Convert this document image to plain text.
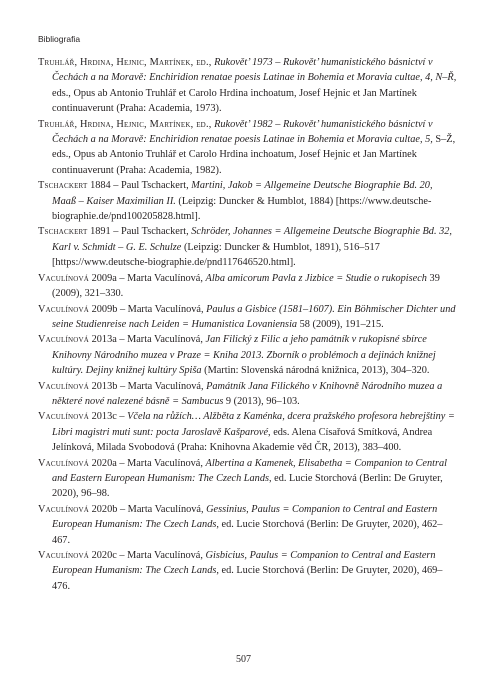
Bibliografia

Truhlář, Hrdina, Hejnic, Martínek, ed., Rukovět’ 1973 – Rukovět’ humanistického básnictví v Čechách a na Moravě: Enchiridion renatae poesis Latinae in Bohemia et Moravia cultae, 4, N–Ř, eds., Opus ab Antonio Truhlář et Carolo Hrdina inchoatum, Josef Hejnic et Jan Martínek continuaverunt (Praha: Academia, 1973).

Truhlář, Hrdina, Hejnic, Martínek, ed., Rukovět’ 1982 – Rukovět’ humanistického básnictví v Čechách a na Moravě: Enchiridion renatae poesis Latinae in Bohemia et Moravia cultae, 5, S–Ž, eds., Opus ab Antonio Truhlář et Carolo Hrdina inchoatum, Josef Hejnic et Jan Martínek continuaverunt (Praha: Academia, 1982).

Tschackert 1884 – Paul Tschackert, Martini, Jakob = Allgemeine Deutsche Biographie Bd. 20, Maaß – Kaiser Maximilian II. (Leipzig: Duncker & Humblot, 1884) [https://www.deutsche-biographie.de/pnd100205828.html].

Tschackert 1891 – Paul Tschackert, Schröder, Johannes = Allgemeine Deutsche Biographie Bd. 32, Karl v. Schmidt – G. E. Schulze (Leipzig: Duncker & Humblot, 1891), 516–517 [https://www.deutsche-biographie.de/pnd117646520.html].

Vaculínová 2009a – Marta Vaculínová, Alba amicorum Pavla z Jizbice = Studie o rukopisech 39 (2009), 321–330.

Vaculínová 2009b – Marta Vaculínová, Paulus a Gisbice (1581–1607). Ein Böhmischer Dichter und seine Studienreise nach Leiden = Humanistica Lovaniensia 58 (2009), 191–215.

Vaculínová 2013a – Marta Vaculínová, Jan Filický z Filic a jeho památník v rukopisné sbírce Knihovny Národního muzea v Praze = Kniha 2013. Zborník o problémoch a dejinách knižnej kultúry. Dejiny knižnej kultúry Spiša (Martin: Slovenská národná knižnica, 2013), 304–320.

Vaculínová 2013b – Marta Vaculínová, Památník Jana Filického v Knihovně Národního muzea a některé nové nalezené básně = Sambucus 9 (2013), 96–103.

Vaculínová 2013c – Včela na růžích… Alžběta z Kaménka, dcera pražského profesora hebrejštiny = Libri magistri muti sunt: pocta Jaroslavě Kašparové, eds. Alena Císařová Smítková, Andrea Jelínková, Milada Svobodová (Praha: Knihovna Akademie věd ČR, 2013), 383–400.

Vaculínová 2020a – Marta Vaculínová, Albertina a Kamenek, Elisabetha = Companion to Central and Eastern European Humanism: The Czech Lands, ed. Lucie Storchová (Berlin: De Gruyter, 2020), 96–98.

Vaculínová 2020b – Marta Vaculínová, Gessinius, Paulus = Companion to Central and Eastern European Humanism: The Czech Lands, ed. Lucie Storchová (Berlin: De Gruyter, 2020), 462–467.

Vaculínová 2020c – Marta Vaculínová, Gisbicius, Paulus = Companion to Central and Eastern European Humanism: The Czech Lands, ed. Lucie Storchová (Berlin: De Gruyter, 2020), 469–476.

507
